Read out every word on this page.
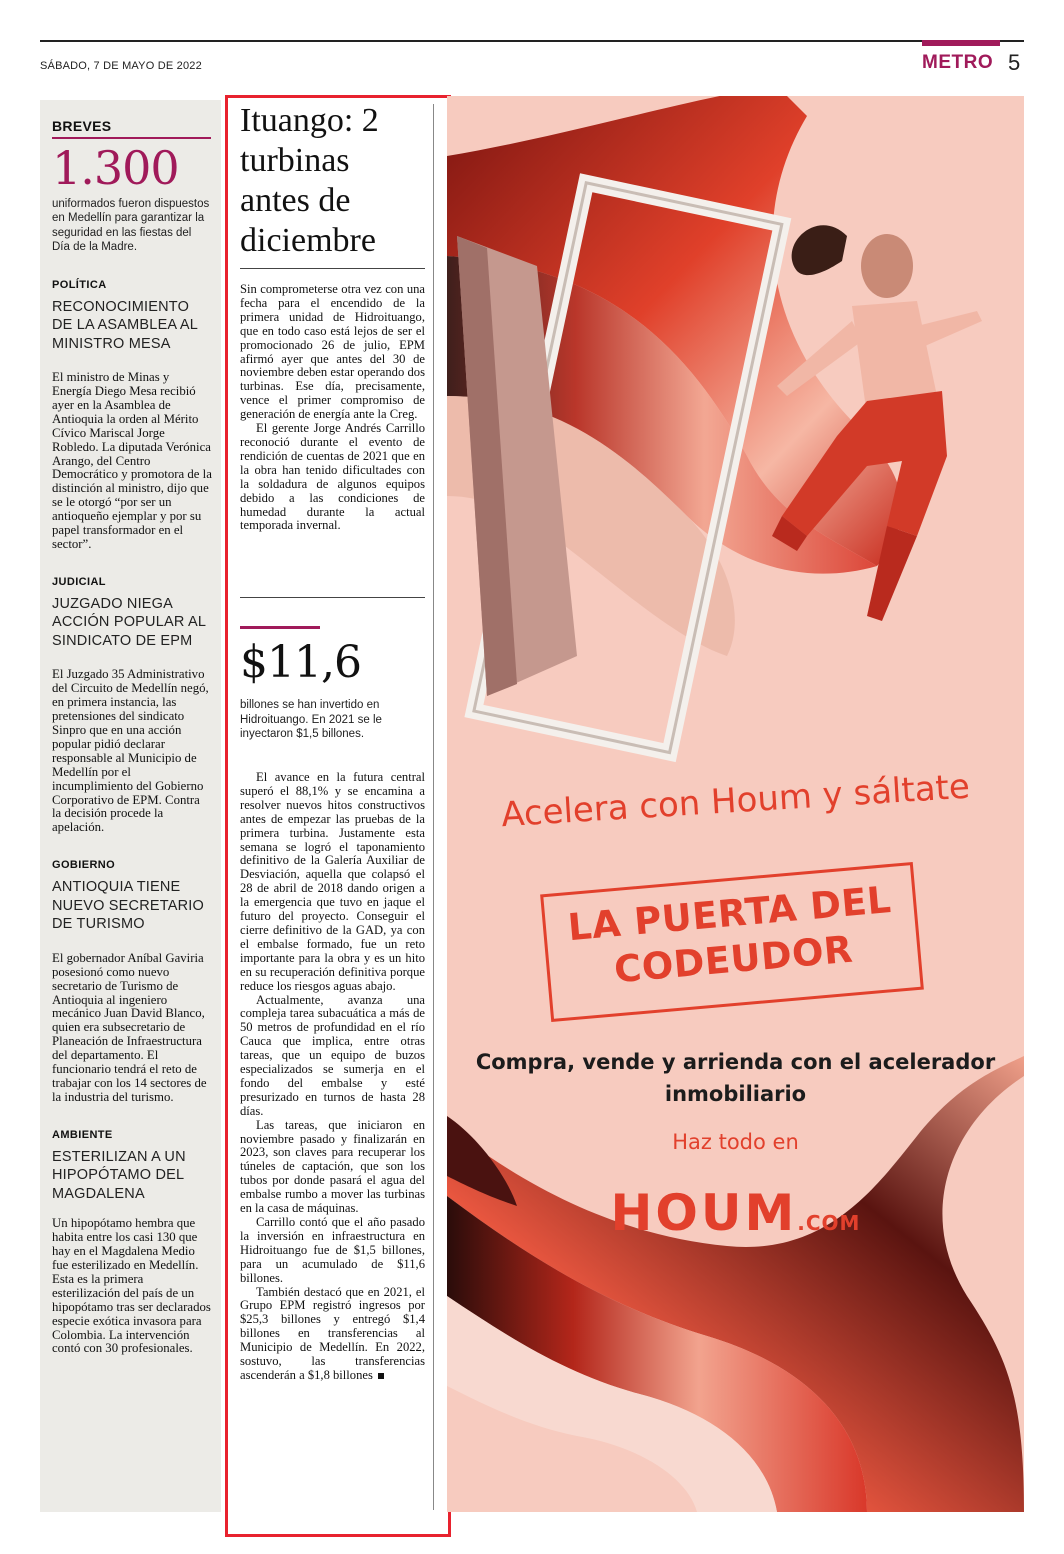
SÁBADO, 7 DE MAYO DE 2022	METRO 5
BREVES
1.300
uniformados fueron dispuestos en Medellín para garantizar la seguridad en las fiestas del Día de la Madre.
POLÍTICA
RECONOCIMIENTO DE LA ASAMBLEA AL MINISTRO MESA
El ministro de Minas y Energía Diego Mesa recibió ayer en la Asamblea de Antioquia la orden al Mérito Cívico Mariscal Jorge Robledo. La diputada Verónica Arango, del Centro Democrático y promotora de la distinción al ministro, dijo que se le otorgó “por ser un antioqueño ejemplar y por su papel transformador en el sector”.
JUDICIAL
JUZGADO NIEGA ACCIÓN POPULAR AL SINDICATO DE EPM
El Juzgado 35 Administrativo del Circuito de Medellín negó, en primera instancia, las pretensiones del sindicato Sinpro que en una acción popular pidió declarar responsable al Municipio de Medellín por el incumplimiento del Gobierno Corporativo de EPM. Contra la decisión procede la apelación.
GOBIERNO
ANTIOQUIA TIENE NUEVO SECRETARIO DE TURISMO
El gobernador Aníbal Gaviria posesionó como nuevo secretario de Turismo de Antioquia al ingeniero mecánico Juan David Blanco, quien era subsecretario de Planeación de Infraestructura del departamento. El funcionario tendrá el reto de trabajar con los 14 sectores de la industria del turismo.
AMBIENTE
ESTERILIZAN A UN HIPOPÓTAMO DEL MAGDALENA
Un hipopótamo hembra que habita entre los casi 130 que hay en el Magdalena Medio fue esterilizado en Medellín.
Esta es la primera esterilización del país de un hipopótamo tras ser declarados especie exótica invasora para Colombia. La intervención contó con 30 profesionales.
Ituango: 2 turbinas antes de diciembre

Sin comprometerse otra vez con una fecha para el encendido de la primera unidad de Hidroituango, que en todo caso está lejos de ser el promocionado 26 de julio, EPM afirmó ayer que antes del 30 de noviembre deben estar operando dos turbinas. Ese día, precisamente, vence el primer compromiso de generación de energía ante la Creg.

El gerente Jorge Andrés Carrillo reconoció durante el evento de rendición de cuentas de 2021 que en la obra han tenido dificultades con la soldadura de algunos equipos debido a las condiciones de humedad durante la actual temporada invernal.

$11,6
billones se han invertido en Hidroituango. En 2021 se le inyectaron $1,5 billones.

El avance en la futura central superó el 88,1% y se encamina a resolver nuevos hitos constructivos antes de empezar las pruebas de la primera turbina. Justamente esta semana se logró el taponamiento definitivo de la Galería Auxiliar de Desviación, aquella que colapsó el 28 de abril de 2018 dando origen a la emergencia que tuvo en jaque el futuro del proyecto. Conseguir el cierre definitivo de la GAD, ya con el embalse formado, fue un reto importante para la obra y es un hito en su recuperación definitiva porque reduce los riesgos aguas abajo.

Actualmente, avanza una compleja tarea subacuática a más de 50 metros de profundidad en el río Cauca que implica, entre otras tareas, que un equipo de buzos especializados se sumerja en el fondo del embalse y esté presurizado en turnos de hasta 28 días.

Las tareas, que iniciaron en noviembre pasado y finalizarán en 2023, son claves para recuperar los túneles de captación, que son los tubos por donde pasará el agua del embalse rumbo a mover las turbinas en la casa de máquinas.

Carrillo contó que el año pasado la inversión en infraestructura en Hidroituango fue de $1,5 billones, para un acumulado de $11,6 billones.

También destacó que en 2021, el Grupo EPM registró ingresos por $25,3 billones y entregó $1,4 billones en transferencias al Municipio de Medellín. En 2022, sostuvo, las transferencias ascenderán a $1,8 billones

Acelera con Houm y sáltate
LA PUERTA DEL CODEUDOR
Compra, vende y arrienda con el acelerador inmobiliario
Haz todo en
HOUM.COM
